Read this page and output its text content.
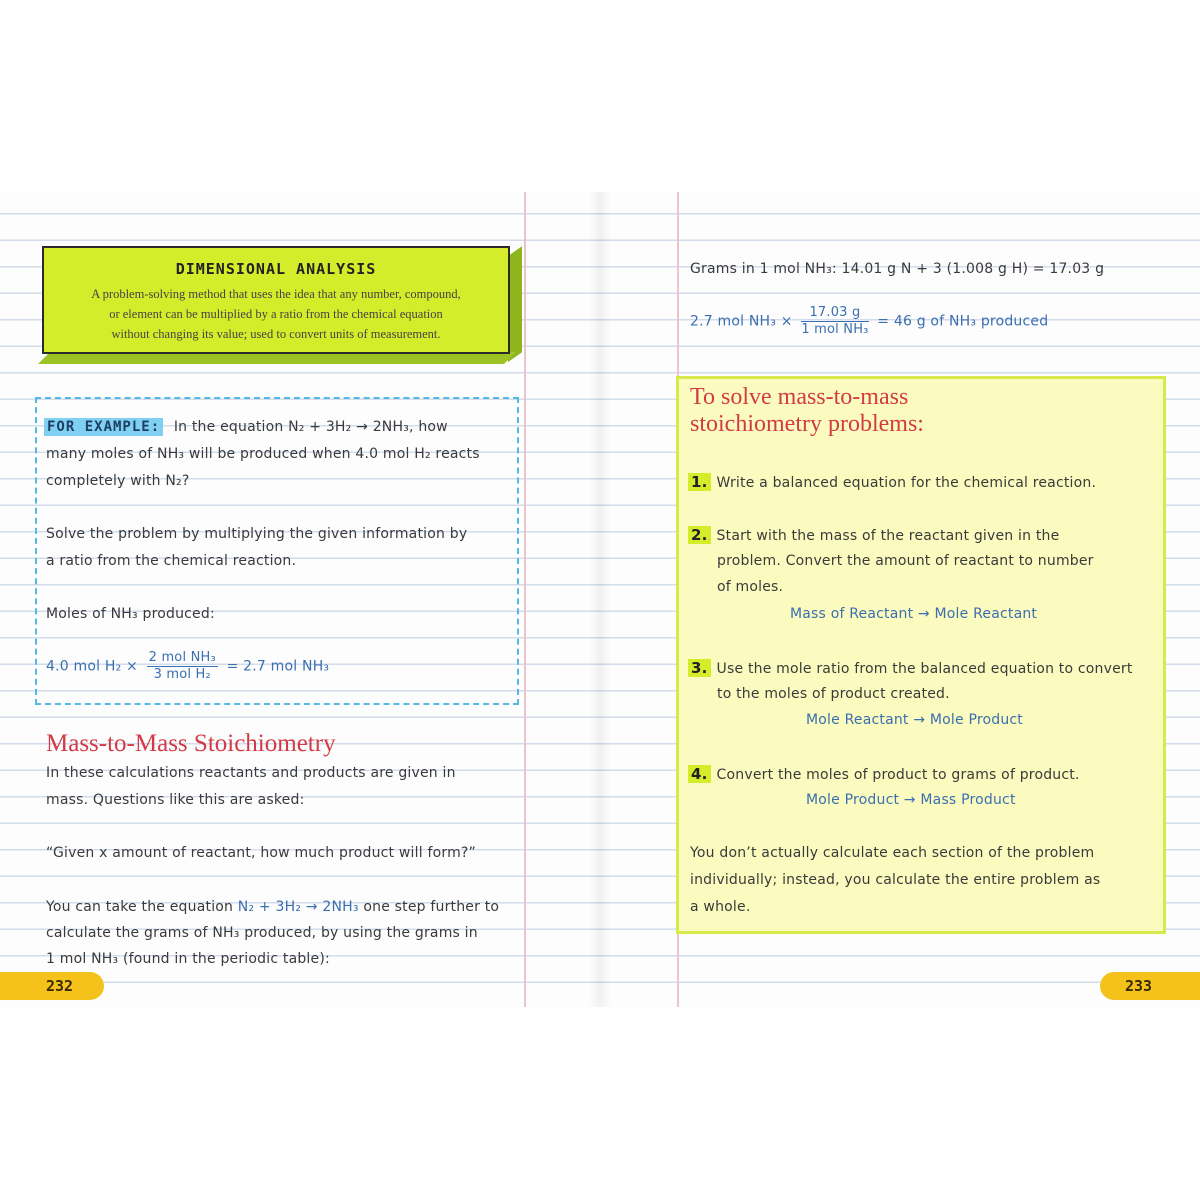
DIMENSIONAL ANALYSIS
A problem-solving method that uses the idea that any number, compound,
or element can be multiplied by a ratio from the chemical equation
without changing its value; used to convert units of measurement.
FOR EXAMPLE: In the equation N₂ + 3H₂ → 2NH₃, how
many moles of NH₃ will be produced when 4.0 mol H₂ reacts
completely with N₂?
Solve the problem by multiplying the given information by
a ratio from the chemical reaction.
Moles of NH₃ produced:
4.0 mol $H_2 \times \frac{\text{2 mol NH₃}}{\text{3 mol H₂}} = 2.7$ mol NH₃
Mass-to-Mass Stoichiometry
In these calculations reactants and products are given in
mass. Questions like this are asked:
“Given x amount of reactant, how much product will form?”
You can take the equation N₂ + 3H₂ → 2NH₃ one step further to
calculate the grams of NH₃ produced, by using the grams in
1 mol NH₃ (found in the periodic table):
232
Grams in 1 mol NH₃: 14.01 g N + 3 (1.008 g H) = 17.03 g
2.7 mol $NH_3 \times \frac{17.03 g}{\text{1 mol NH₃}} = 46$ g of NH₃ produced
To solve mass-to-mass
stoichiometry problems:
1. Write a balanced equation for the chemical reaction.
2. Start with the mass of the reactant given in the
problem. Convert the amount of reactant to number
of moles.
Mass of Reactant → Mole Reactant
3. Use the mole ratio from the balanced equation to convert
to the moles of product created.
Mole Reactant → Mole Product
4. Convert the moles of product to grams of product.
Mole Product → Mass Product
You don’t actually calculate each section of the problem
individually; instead, you calculate the entire problem as
a whole.
233
